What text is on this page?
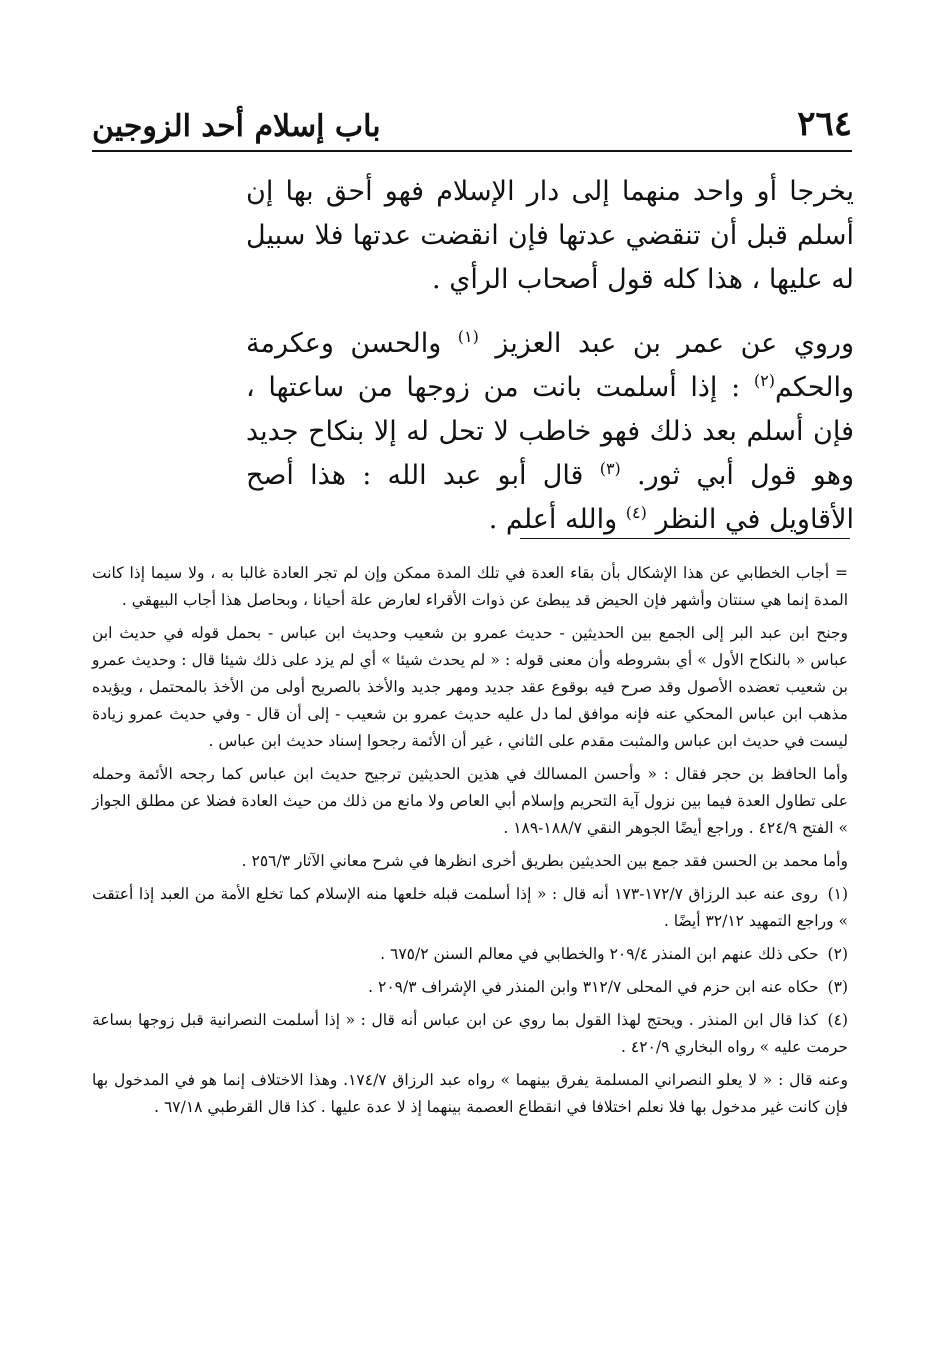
٢٦٤
باب إسلام أحد الزوجين

يخرجا أو واحد منهما إلى دار الإسلام فهو أحق بها إن أسلم قبل أن تنقضي عدتها فإن انقضت عدتها فلا سبيل له عليها ، هذا كله قول أصحاب الرأي .

وروي عن عمر بن عبد العزيز $^{(١)}$ والحسن وعكرمة والحكم$^{(٢)}$ : إذا أسلمت بانت من زوجها من ساعتها ، فإن أسلم بعد ذلك فهو خاطب لا تحل له إلا بنكاح جديد وهو قول أبي ثور. $^{(٣)}$ قال أبو عبد الله : هذا أصح الأقاويل في النظر $^{(٤)}$ والله أعلم .

= أجاب الخطابي عن هذا الإشكال بأن بقاء العدة في تلك المدة ممكن وإن لم تجر العادة غالبا به ، ولا سيما إذا كانت المدة إنما هي سنتان وأشهر فإن الحيض قد يبطئ عن ذوات الأقراء لعارض علة أحيانا ، وبحاصل هذا أجاب البيهقي .

وجنح ابن عبد البر إلى الجمع بين الحديثين - حديث عمرو بن شعيب وحديث ابن عباس - بحمل قوله في حديث ابن عباس « بالنكاح الأول » أي بشروطه وأن معنى قوله : « لم يحدث شيئا » أي لم يزد على ذلك شيئا قال : وحديث عمرو بن شعيب تعضده الأصول وقد صرح فيه بوقوع عقد جديد ومهر جديد والأخذ بالصريح أولى من الأخذ بالمحتمل ، ويؤيده مذهب ابن عباس المحكي عنه فإنه موافق لما دل عليه حديث عمرو بن شعيب - إلى أن قال - وفي حديث عمرو زيادة ليست في حديث ابن عباس والمثبت مقدم على الثاني ، غير أن الأئمة رجحوا إسناد حديث ابن عباس .

وأما الحافظ بن حجر فقال : « وأحسن المسالك في هذين الحديثين ترجيح حديث ابن عباس كما رجحه الأئمة وحمله على تطاول العدة فيما بين نزول آية التحريم وإسلام أبي العاص ولا مانع من ذلك من حيث العادة فضلا عن مطلق الجواز » الفتح ٤٢٤/٩ . وراجع أيضًا الجوهر النقي ١٨٨/٧-١٨٩ .

وأما محمد بن الحسن فقد جمع بين الحديثين بطريق أخرى انظرها في شرح معاني الآثار ٢٥٦/٣ .

(١) روى عنه عبد الرزاق ١٧٢/٧-١٧٣ أنه قال : « إذا أسلمت قبله خلعها منه الإسلام كما تخلع الأمة من العبد إذا أعتقت » وراجع التمهيد ٣٢/١٢ أيضًا .

(٢) حكى ذلك عنهم ابن المنذر ٢٠٩/٤ والخطابي في معالم السنن ٦٧٥/٢ .

(٣) حكاه عنه ابن حزم في المحلى ٣١٢/٧ وابن المنذر في الإشراف ٢٠٩/٣ .

(٤) كذا قال ابن المنذر . ويحتج لهذا القول بما روي عن ابن عباس أنه قال : « إذا أسلمت النصرانية قبل زوجها بساعة حرمت عليه » رواه البخاري ٤٢٠/٩ .

وعنه قال : « لا يعلو النصراني المسلمة يفرق بينهما » رواه عبد الرزاق ١٧٤/٧. وهذا الاختلاف إنما هو في المدخول بها فإن كانت غير مدخول بها فلا نعلم اختلافا في انقطاع العصمة بينهما إذ لا عدة عليها . كذا قال القرطبي ٦٧/١٨ .
